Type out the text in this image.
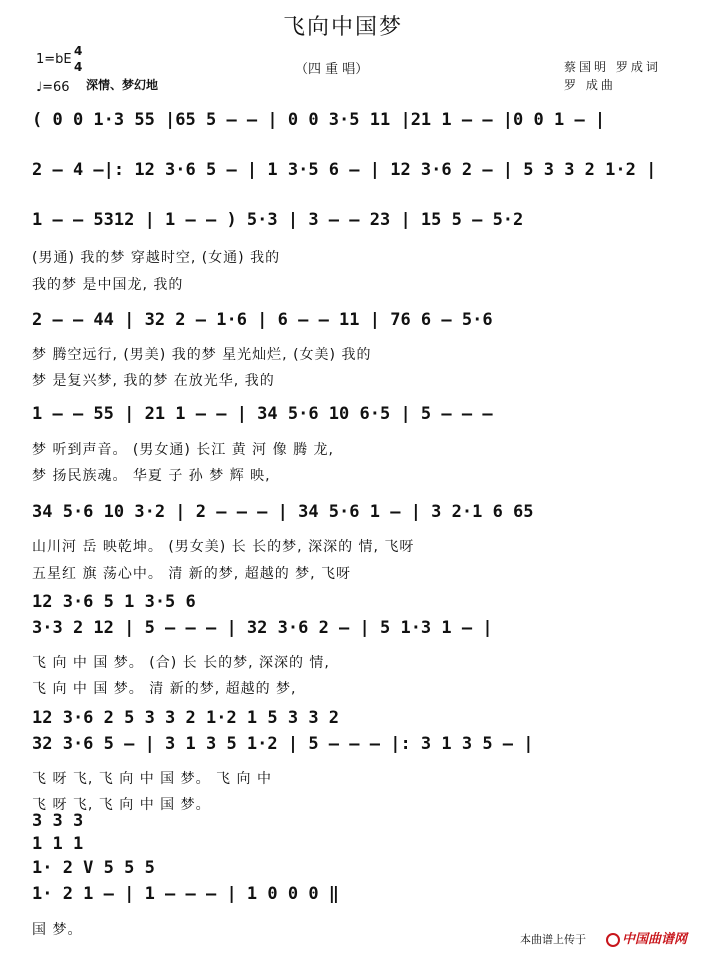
飞向中国梦
1=bE
4
4
♩=66 深情、梦幻地
（四 重 唱）	蔡国明 罗成词
罗 成曲
( 0 0 1·3 55 |65 5 — — | 0 0 3·5 11 |21 1 — — |0 0 1 — |
2 — 4 —|: 12 3·6 5 — | 1 3·5 6 — | 12 3·6 2 — | 5 3 3 2 1·2 |
1 — — 5312 | 1 — — ) 5·3 | 3 — — 23 | 15 5 — 5·2
(男通) 我的梦 穿越时空, (女通) 我的
我的梦 是中国龙, 我的
2 — — 44 | 32 2 — 1·6 | 6 — — 11 | 76 6 — 5·6
梦 腾空远行, (男美) 我的梦 星光灿烂, (女美) 我的
梦 是复兴梦, 我的梦 在放光华, 我的
1 — — 55 | 21 1 — — | 34 5·6 10 6·5 | 5 — — —
梦 听到声音。 (男女通) 长江 黄 河 像 腾 龙,
梦 扬民族魂。 华夏 子 孙 梦 辉 映,
34 5·6 10 3·2 | 2 — — — | 34 5·6 1 — | 3 2·1 6 65
山川河 岳 映乾坤。 (男女美) 长 长的梦, 深深的 情, 飞呀
五星红 旗 荡心中。 清 新的梦, 超越的 梦, 飞呀
12 3·6 5 1 3·5 6
3·3 2 12 | 5 — — — | 32 3·6 2 — | 5 1·3 1 — |
飞 向 中 国 梦。 (合) 长 长的梦, 深深的 情,
飞 向 中 国 梦。 清 新的梦, 超越的 梦,
12 3·6 2 5 3 3 2 1·2 1 5 3 3 2
32 3·6 5 — | 3 1 3 5 1·2 | 5 — — — |: 3 1 3 5 — |
飞 呀 飞, 飞 向 中 国 梦。 飞 向 中
飞 呀 飞, 飞 向 中 国 梦。
3 3 3
1 1 1
1· 2 V 5 5 5
1· 2 1 — | 1 — — — | 1 0 0 0 ‖
国 梦。
本曲谱上传于	中国曲谱网
